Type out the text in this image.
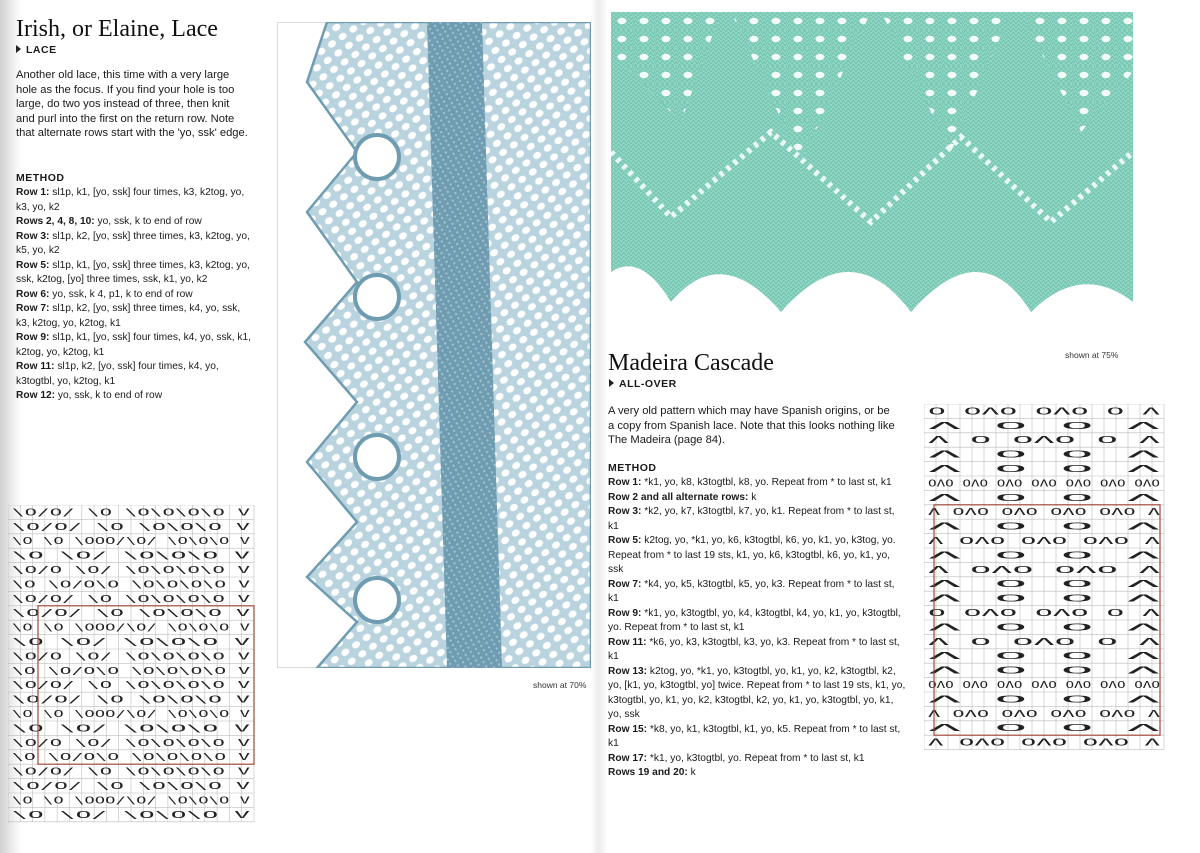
Irish, or Elaine, Lace
LACE

Another old lace, this time with a very large hole as the focus. If you find your hole is too large, do two yos instead of three, then knit and purl into the first on the return row. Note that alternate rows start with the 'yo, ssk' edge.

METHOD
Row 1: sl1p, k1, [yo, ssk] four times, k3, k2tog, yo, k3, yo, k2
Rows 2, 4, 8, 10: yo, ssk, k to end of row
Row 3: sl1p, k2, [yo, ssk] three times, k3, k2tog, yo, k5, yo, k2
Row 5: sl1p, k1, [yo, ssk] three times, k3, k2tog, yo, ssk, k2tog, [yo] three times, ssk, k1, yo, k2
Row 6: yo, ssk, k 4, p1, k to end of row
Row 7: sl1p, k2, [yo, ssk] three times, k4, yo, ssk, k3, k2tog, yo, k2tog, k1
Row 9: sl1p, k1, [yo, ssk] four times, k4, yo, ssk, k1, k2tog, yo, k2tog, k1
Row 11: sl1p, k2, [yo, ssk] four times, k4, yo, k3togtbl, yo, k2tog, k1
Row 12: yo, ssk, k to end of row
\O/O/ \O \O\O\O\O V
\O/O/ \O \O\O\O V
\O \O \OOO/\O/ \O\O\O V
\O \O/ \O\O\O V
\O/O \O/ \O\O\O\O V
\O \O/O\O \O\O\O\O V
\O/O/ \O \O\O\O\O V
\O/O/ \O \O\O\O V
\O \O \OOO/\O/ \O\O\O V
\O \O/ \O\O\O V
\O/O \O/ \O\O\O\O V
\O \O/O\O \O\O\O\O V
\O/O/ \O \O\O\O\O V
\O/O/ \O \O\O\O V
\O \O \OOO/\O/ \O\O\O V
\O \O/ \O\O\O V
\O/O \O/ \O\O\O\O V
\O \O/O\O \O\O\O\O V
\O/O/ \O \O\O\O\O V
\O/O/ \O \O\O\O V
\O \O \OOO/\O/ \O\O\O V
\O \O/ \O\O\O V
shown at 70%
shown at 75%
Madeira Cascade
ALL-OVER

A very old pattern which may have Spanish origins, or be a copy from Spanish lace. Note that this looks nothing like The Madeira (page 84).

METHOD
Row 1: *k1, yo, k8, k3togtbl, k8, yo. Repeat from * to last st, k1
Row 2 and all alternate rows: k
Row 3: *k2, yo, k7, k3togtbl, k7, yo, k1. Repeat from * to last st, k1
Row 5: k2tog, yo, *k1, yo, k6, k3togtbl, k6, yo, k1, yo, k3tog, yo. Repeat from * to last 19 sts, k1, yo, k6, k3togtbl, k6, yo, k1, yo, ssk
Row 7: *k4, yo, k5, k3togtbl, k5, yo, k3. Repeat from * to last st, k1
Row 9: *k1, yo, k3togtbl, yo, k4, k3togtbl, k4, yo, k1, yo, k3togtbl, yo. Repeat from * to last st, k1
Row 11: *k6, yo, k3, k3togtbl, k3, yo, k3. Repeat from * to last st, k1
Row 13: k2tog, yo, *k1, yo, k3togtbl, yo, k1, yo, k2, k3togtbl, k2, yo, [k1, yo, k3togtbl, yo] twice. Repeat from * to last 19 sts, k1, yo, k3togtbl, yo, k1, yo, k2, k3togtbl, k2, yo, k1, yo, k3togtbl, yo, k1, yo, ssk
Row 15: *k8, yo, k1, k3togtbl, k1, yo, k5. Repeat from * to last st, k1
Row 17: *k1, yo, k3togtbl, yo. Repeat from * to last st, k1
Rows 19 and 20: k
O OΛO OΛO O Λ
Λ O O Λ
Λ O OΛO O Λ
Λ O O Λ
Λ O O Λ
OΛO OΛO OΛO OΛO OΛO OΛO OΛO
Λ O O Λ
Λ OΛO OΛO OΛO OΛO Λ
Λ O O Λ
Λ OΛO OΛO OΛO Λ
Λ O O Λ
Λ OΛO OΛO Λ
Λ O O Λ
Λ O O Λ
O OΛO OΛO O Λ
Λ O O Λ
Λ O OΛO O Λ
Λ O O Λ
Λ O O Λ
OΛO OΛO OΛO OΛO OΛO OΛO OΛO
Λ O O Λ
Λ OΛO OΛO OΛO OΛO Λ
Λ O O Λ
Λ OΛO OΛO OΛO Λ
